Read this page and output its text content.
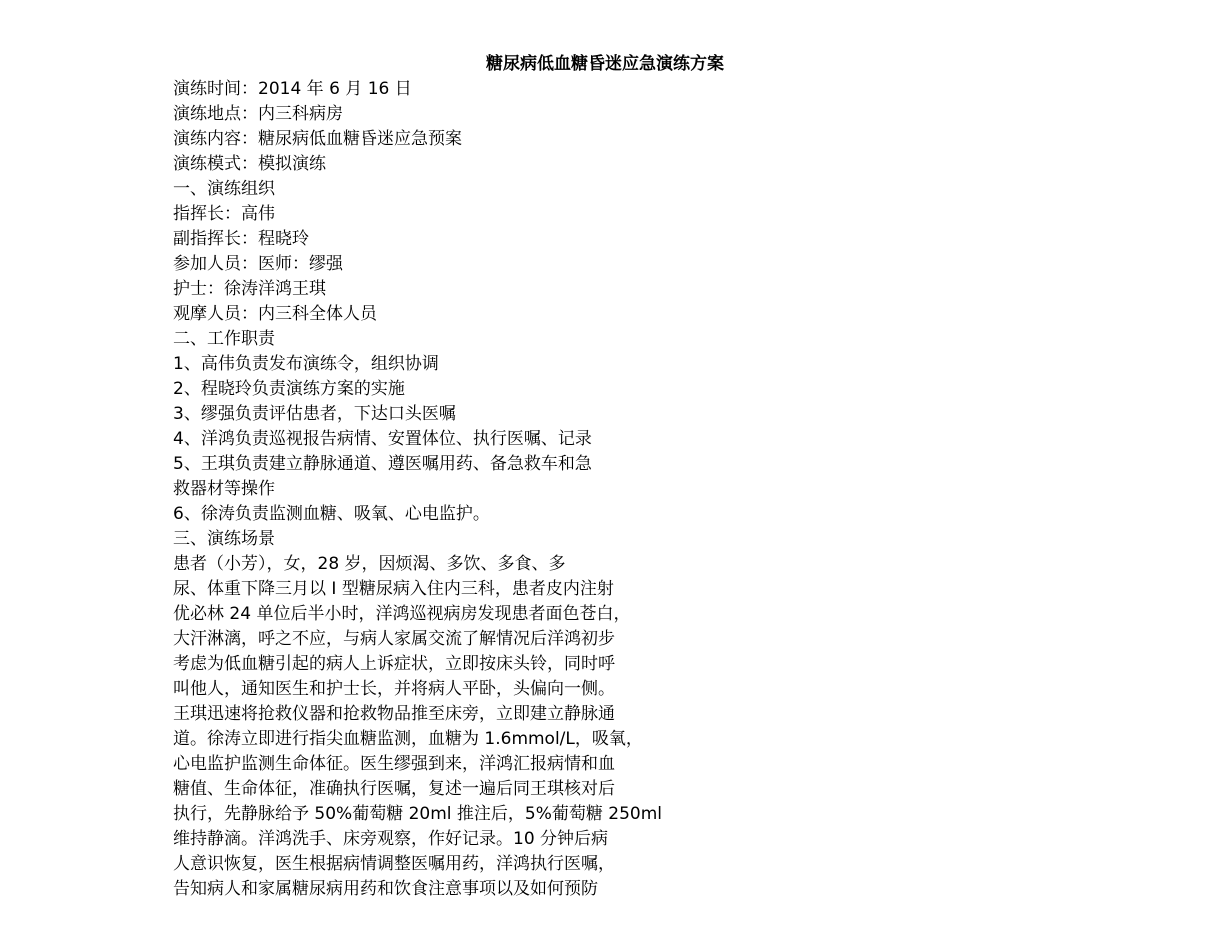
糖尿病低血糖昏迷应急演练方案
演练时间：2014 年 6 月 16 日
演练地点：内三科病房
演练内容：糖尿病低血糖昏迷应急预案
演练模式：模拟演练
一、演练组织
指挥长：高伟
副指挥长：程晓玲
参加人员：医师：缪强
护士：徐涛洋鸿王琪
观摩人员：内三科全体人员
二、工作职责
1、高伟负责发布演练令，组织协调
2、程晓玲负责演练方案的实施
3、缪强负责评估患者，下达口头医嘱
4、洋鸿负责巡视报告病情、安置体位、执行医嘱、记录
5、王琪负责建立静脉通道、遵医嘱用药、备急救车和急
救器材等操作
6、徐涛负责监测血糖、吸氧、心电监护。
三、演练场景
患者（小芳），女，28 岁，因烦渴、多饮、多食、多
尿、体重下降三月以 I 型糖尿病入住内三科，患者皮内注射
优必林 24 单位后半小时，洋鸿巡视病房发现患者面色苍白，
大汗淋漓，呼之不应，与病人家属交流了解情况后洋鸿初步
考虑为低血糖引起的病人上诉症状，立即按床头铃，同时呼
叫他人，通知医生和护士长，并将病人平卧，头偏向一侧。
王琪迅速将抢救仪器和抢救物品推至床旁，立即建立静脉通
道。徐涛立即进行指尖血糖监测，血糖为 1.6mmol/L，吸氧，
心电监护监测生命体征。医生缪强到来，洋鸿汇报病情和血
糖值、生命体征，准确执行医嘱，复述一遍后同王琪核对后
执行，先静脉给予 50%葡萄糖 20ml 推注后，5%葡萄糖 250ml
维持静滴。洋鸿洗手、床旁观察，作好记录。10 分钟后病
人意识恢复，医生根据病情调整医嘱用药，洋鸿执行医嘱，
告知病人和家属糖尿病用药和饮食注意事项以及如何预防
